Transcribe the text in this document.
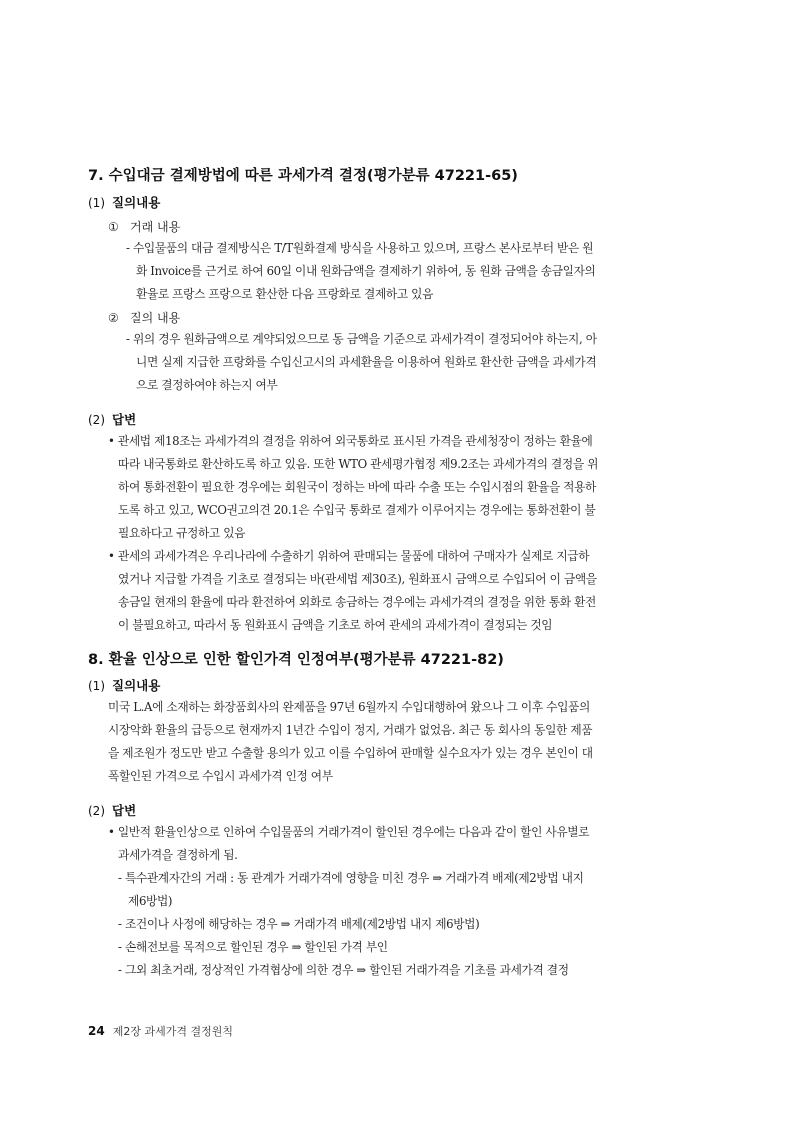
7. 수입대금 결제방법에 따른 과세가격 결정(평가분류 47221-65)
(1) 질의내용
① 거래 내용
- 수입물품의 대금 결제방식은 T/T원화결제 방식을 사용하고 있으며, 프랑스 본사로부터 받은 원
화 Invoice를 근거로 하여 60일 이내 원화금액을 결제하기 위하여, 동 원화 금액을 송금일자의
환율로 프랑스 프랑으로 환산한 다음 프랑화로 결제하고 있음
② 질의 내용
- 위의 경우 원화금액으로 계약되었으므로 동 금액을 기준으로 과세가격이 결정되어야 하는지, 아
니면 실제 지급한 프랑화를 수입신고시의 과세환율을 이용하여 원화로 환산한 금액을 과세가격
으로 결정하여야 하는지 여부
(2) 답변
• 관세법 제18조는 과세가격의 결정을 위하여 외국통화로 표시된 가격을 관세청장이 정하는 환율에
따라 내국통화로 환산하도록 하고 있음. 또한 WTO 관세평가협정 제9.2조는 과세가격의 결정을 위
하여 통화전환이 필요한 경우에는 회원국이 정하는 바에 따라 수출 또는 수입시점의 환율을 적용하
도록 하고 있고, WCO권고의견 20.1은 수입국 통화로 결제가 이루어지는 경우에는 통화전환이 불
필요하다고 규정하고 있음
• 관세의 과세가격은 우리나라에 수출하기 위하여 판매되는 물품에 대하여 구매자가 실제로 지급하
였거나 지급할 가격을 기초로 결정되는 바(관세법 제30조), 원화표시 금액으로 수입되어 이 금액을
송금일 현재의 환율에 따라 환전하여 외화로 송금하는 경우에는 과세가격의 결정을 위한 통화 환전
이 불필요하고, 따라서 동 원화표시 금액을 기초로 하여 관세의 과세가격이 결정되는 것임
8. 환율 인상으로 인한 할인가격 인정여부(평가분류 47221-82)
(1) 질의내용
미국 L.A에 소재하는 화장품회사의 완제품을 97년 6월까지 수입대행하여 왔으나 그 이후 수입품의
시장악화 환율의 급등으로 현재까지 1년간 수입이 정지, 거래가 없었음. 최근 동 회사의 동일한 제품
을 제조원가 정도만 받고 수출할 용의가 있고 이를 수입하여 판매할 실수요자가 있는 경우 본인이 대
폭할인된 가격으로 수입시 과세가격 인정 여부
(2) 답변
• 일반적 환율인상으로 인하여 수입물품의 거래가격이 할인된 경우에는 다음과 같이 할인 사유별로
과세가격을 결정하게 됨.
- 특수관계자간의 거래 : 동 관계가 거래가격에 영향을 미친 경우 ⇒ 거래가격 배제(제2방법 내지
제6방법)
- 조건이나 사정에 해당하는 경우 ⇒ 거래가격 배제(제2방법 내지 제6방법)
- 손해전보를 목적으로 할인된 경우 ⇒ 할인된 가격 부인
- 그외 최초거래, 정상적인 가격협상에 의한 경우 ⇒ 할인된 거래가격을 기초를 과세가격 결정
24 제2장 과세가격 결정원칙
